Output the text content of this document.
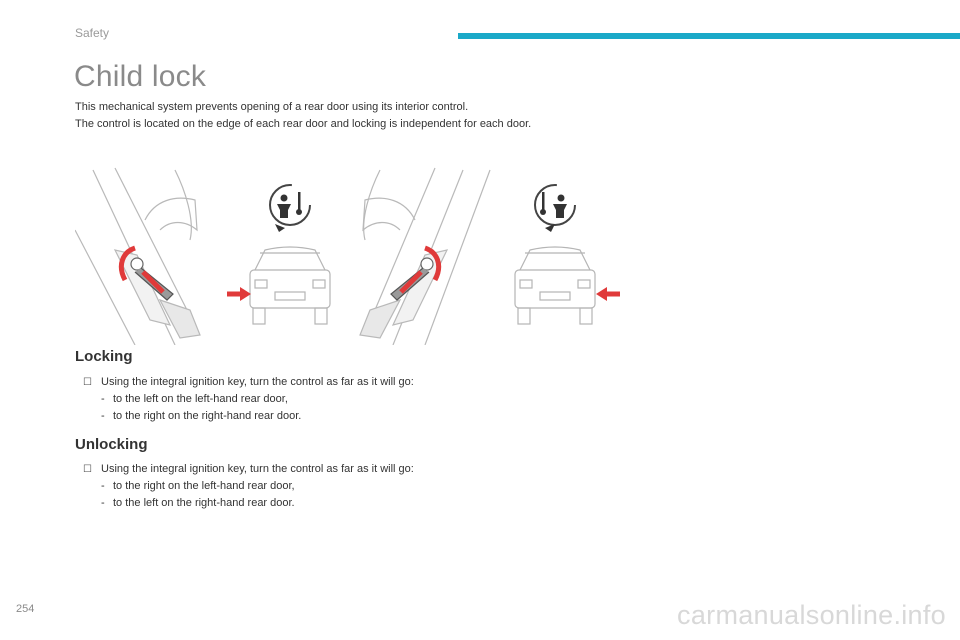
Safety
Child lock

This mechanical system prevents opening of a rear door using its interior control.

The control is located on the edge of each rear door and locking is independent for each door.

Locking
☐ Using the integral ignition key, turn the control as far as it will go:
- to the left on the left-hand rear door,
- to the right on the right-hand rear door.
Unlocking
☐ Using the integral ignition key, turn the control as far as it will go:
- to the right on the left-hand rear door,
- to the left on the right-hand rear door.
254	carmanualsonline.info
